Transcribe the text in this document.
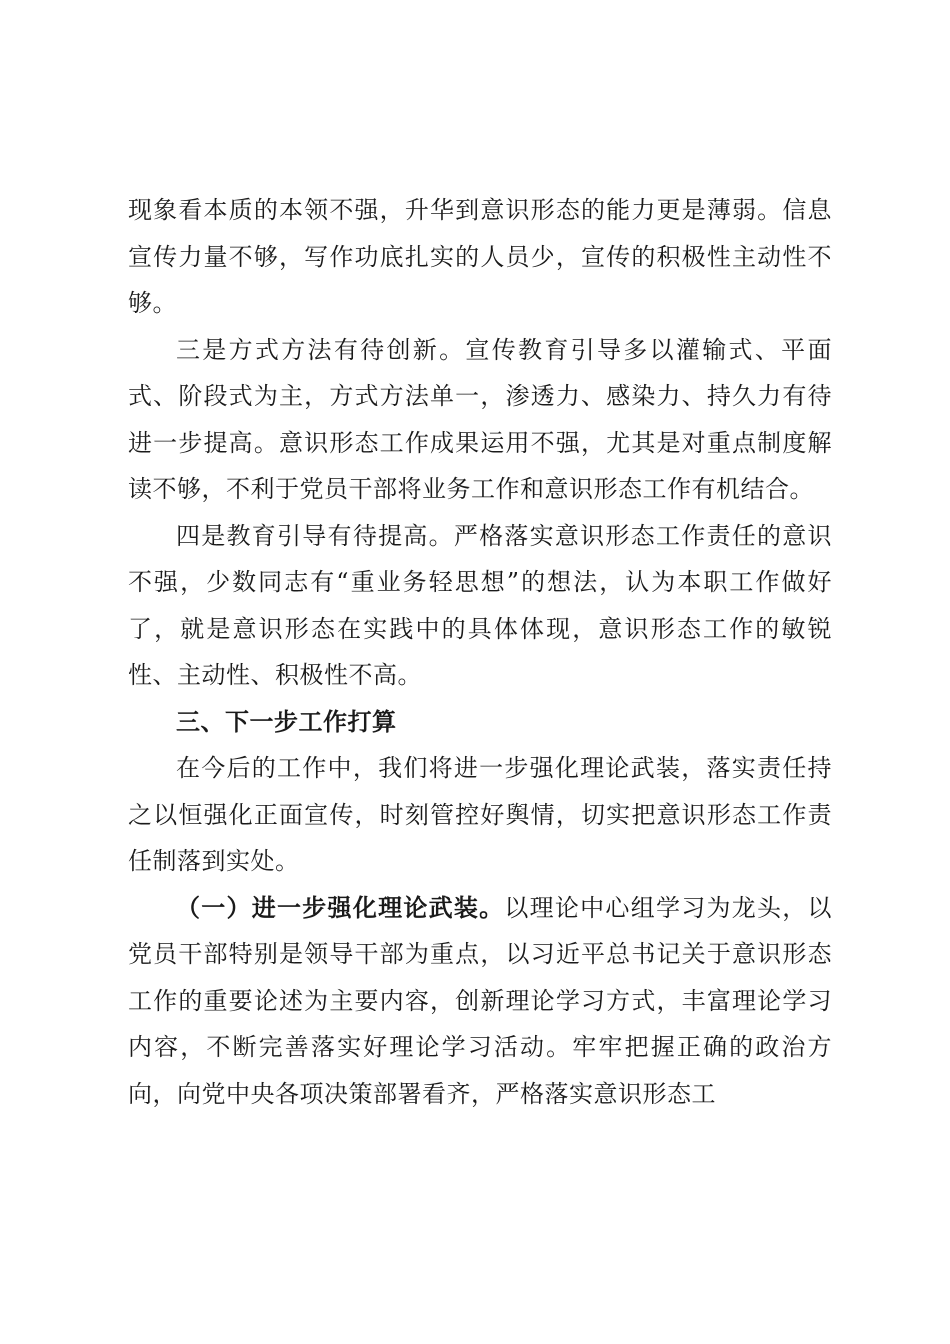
现象看本质的本领不强，升华到意识形态的能力更是薄弱。信息宣传力量不够，写作功底扎实的人员少，宣传的积极性主动性不够。

三是方式方法有待创新。宣传教育引导多以灌输式、平面式、阶段式为主，方式方法单一，渗透力、感染力、持久力有待进一步提高。意识形态工作成果运用不强，尤其是对重点制度解读不够，不利于党员干部将业务工作和意识形态工作有机结合。

四是教育引导有待提高。严格落实意识形态工作责任的意识不强，少数同志有“重业务轻思想”的想法，认为本职工作做好了，就是意识形态在实践中的具体体现，意识形态工作的敏锐性、主动性、积极性不高。

三、下一步工作打算

在今后的工作中，我们将进一步强化理论武装，落实责任持之以恒强化正面宣传，时刻管控好舆情，切实把意识形态工作责任制落到实处。

（一）进一步强化理论武装。以理论中心组学习为龙头，以党员干部特别是领导干部为重点，以习近平总书记关于意识形态工作的重要论述为主要内容，创新理论学习方式，丰富理论学习内容，不断完善落实好理论学习活动。牢牢把握正确的政治方向，向党中央各项决策部署看齐，严格落实意识形态工
